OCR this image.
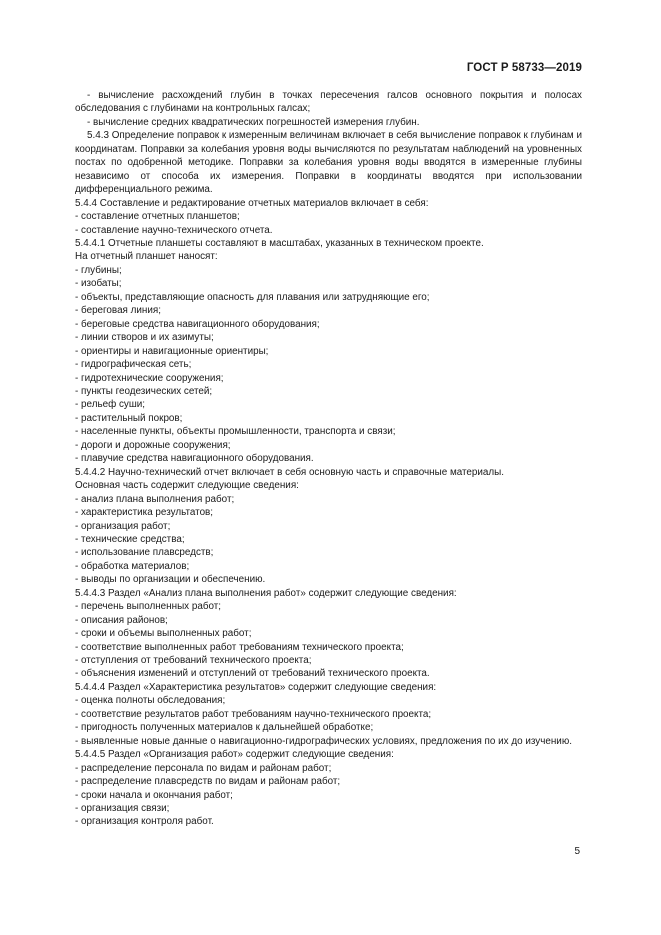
ГОСТ Р 58733—2019

- вычисление расхождений глубин в точках пересечения галсов основного покрытия и полосах обследования с глубинами на контрольных галсах;

- вычисление средних квадратических погрешностей измерения глубин.

5.4.3 Определение поправок к измеренным величинам включает в себя вычисление поправок к глубинам и координатам. Поправки за колебания уровня воды вычисляются по результатам наблюдений на уровненных постах по одобренной методике. Поправки за колебания уровня воды вводятся в измеренные глубины независимо от способа их измерения. Поправки в координаты вводятся при использовании дифференциального режима.

5.4.4 Составление и редактирование отчетных материалов включает в себя:

- составление отчетных планшетов;

- составление научно-технического отчета.

5.4.4.1 Отчетные планшеты составляют в масштабах, указанных в техническом проекте.

На отчетный планшет наносят:

- глубины;

- изобаты;

- объекты, представляющие опасность для плавания или затрудняющие его;

- береговая линия;

- береговые средства навигационного оборудования;

- линии створов и их азимуты;

- ориентиры и навигационные ориентиры;

- гидрографическая сеть;

- гидротехнические сооружения;

- пункты геодезических сетей;

- рельеф суши;

- растительный покров;

- населенные пункты, объекты промышленности, транспорта и связи;

- дороги и дорожные сооружения;

- плавучие средства навигационного оборудования.

5.4.4.2 Научно-технический отчет включает в себя основную часть и справочные материалы.

Основная часть содержит следующие сведения:

- анализ плана выполнения работ;

- характеристика результатов;

- организация работ;

- технические средства;

- использование плавсредств;

- обработка материалов;

- выводы по организации и обеспечению.

5.4.4.3 Раздел «Анализ плана выполнения работ» содержит следующие сведения:

- перечень выполненных работ;

- описания районов;

- сроки и объемы выполненных работ;

- соответствие выполненных работ требованиям технического проекта;

- отступления от требований технического проекта;

- объяснения изменений и отступлений от требований технического проекта.

5.4.4.4 Раздел «Характеристика результатов» содержит следующие сведения:

- оценка полноты обследования;

- соответствие результатов работ требованиям научно-технического проекта;

- пригодность полученных материалов к дальнейшей обработке;

- выявленные новые данные о навигационно-гидрографических условиях, предложения по их до изучению.

5.4.4.5 Раздел «Организация работ» содержит следующие сведения:

- распределение персонала по видам и районам работ;

- распределение плавсредств по видам и районам работ;

- сроки начала и окончания работ;

- организация связи;

- организация контроля работ.

5
